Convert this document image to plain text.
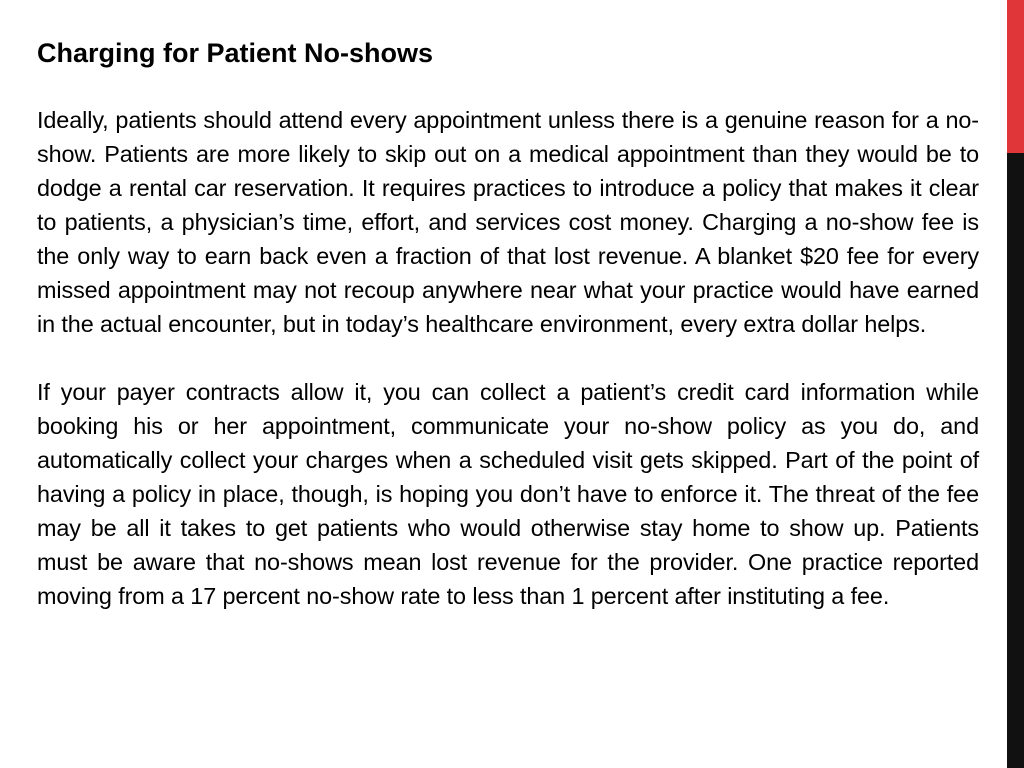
Charging for Patient No-shows

Ideally, patients should attend every appointment unless there is a genuine reason for a no-show. Patients are more likely to skip out on a medical appointment than they would be to dodge a rental car reservation. It requires practices to introduce a policy that makes it clear to patients, a physician’s time, effort, and services cost money. Charging a no-show fee is the only way to earn back even a fraction of that lost revenue. A blanket $20 fee for every missed appointment may not recoup anywhere near what your practice would have earned in the actual encounter, but in today’s healthcare environment, every extra dollar helps.

If your payer contracts allow it, you can collect a patient’s credit card information while booking his or her appointment, communicate your no-show policy as you do, and automatically collect your charges when a scheduled visit gets skipped. Part of the point of having a policy in place, though, is hoping you don’t have to enforce it. The threat of the fee may be all it takes to get patients who would otherwise stay home to show up. Patients must be aware that no-shows mean lost revenue for the provider. One practice reported moving from a 17 percent no-show rate to less than 1 percent after instituting a fee.
